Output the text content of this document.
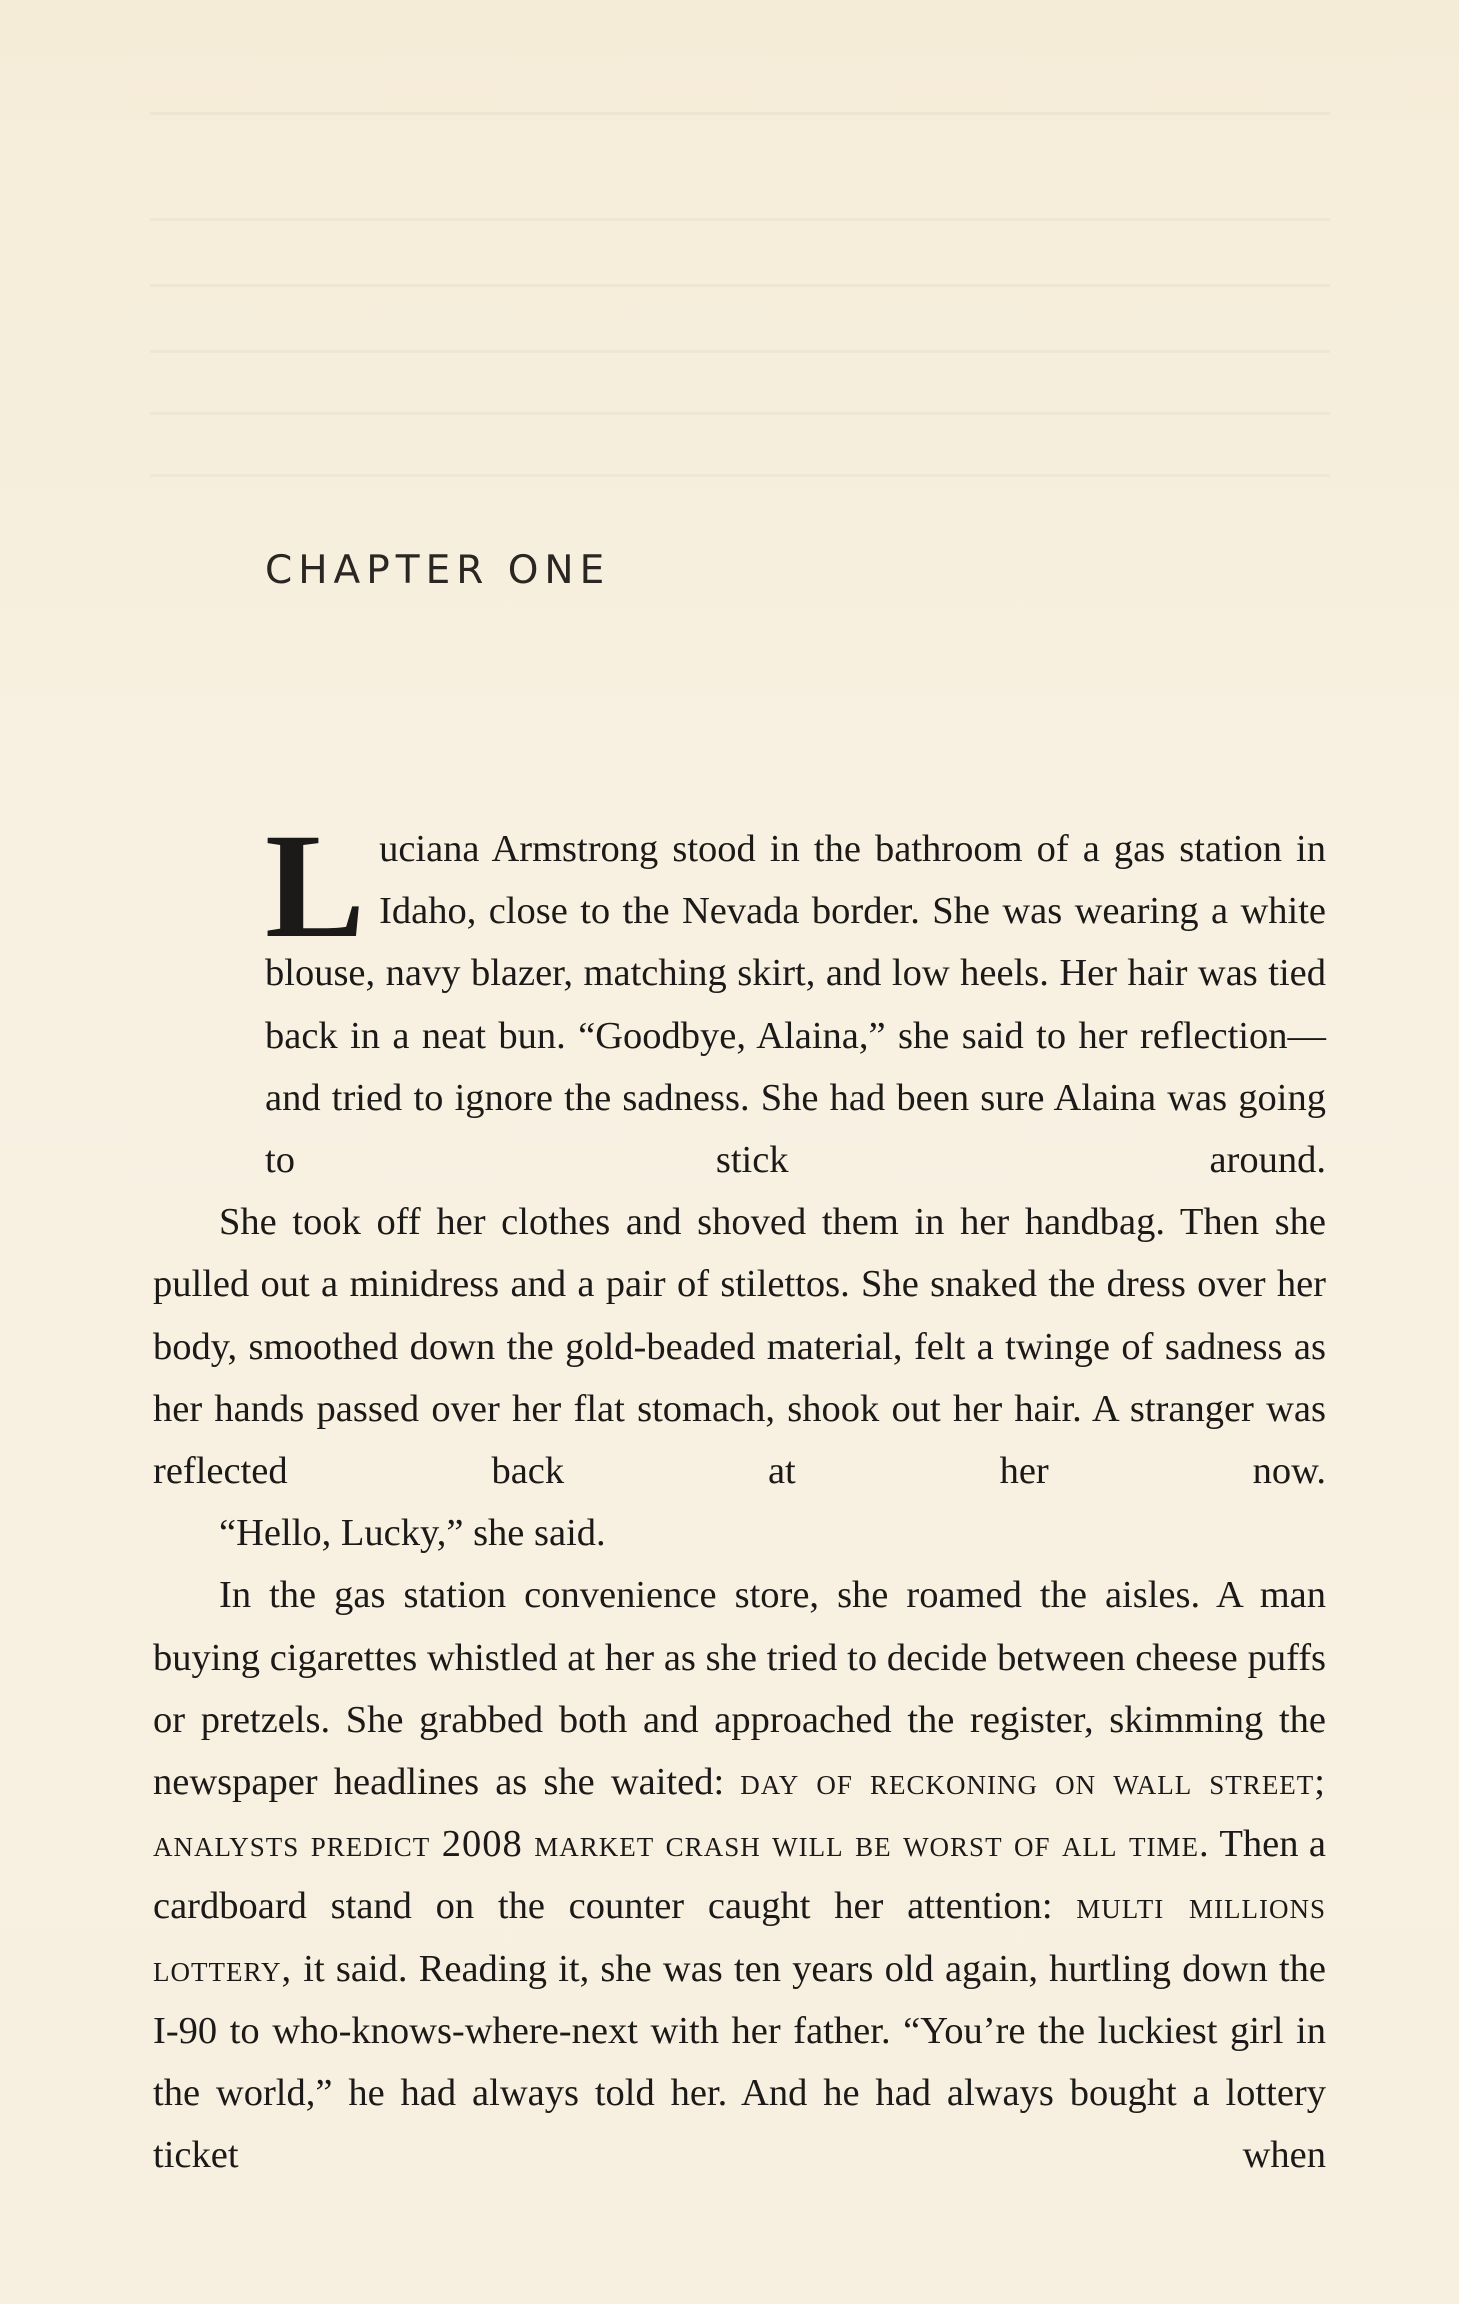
CHAPTER ONE

Luciana Armstrong stood in the bathroom of a gas station in Idaho, close to the Nevada border. She was wearing a white blouse, navy blazer, matching skirt, and low heels. Her hair was tied back in a neat bun. “Goodbye, Alaina,” she said to her reflection—and tried to ignore the sadness. She had been sure Alaina was going to stick around.

She took off her clothes and shoved them in her handbag. Then she pulled out a minidress and a pair of stilettos. She snaked the dress over her body, smoothed down the gold-beaded material, felt a twinge of sadness as her hands passed over her flat stomach, shook out her hair. A stranger was reflected back at her now.

“Hello, Lucky,” she said.

In the gas station convenience store, she roamed the aisles. A man buying cigarettes whistled at her as she tried to decide between cheese puffs or pretzels. She grabbed both and approached the register, skimming the newspaper headlines as she waited: day of reckoning on wall street; analysts predict 2008 market crash will be worst of all time. Then a cardboard stand on the counter caught her attention: multi millions lottery, it said. Reading it, she was ten years old again, hurtling down the I-90 to who-knows-where-next with her father. “You’re the luckiest girl in the world,” he had always told her. And he had always bought a lottery ticket when
